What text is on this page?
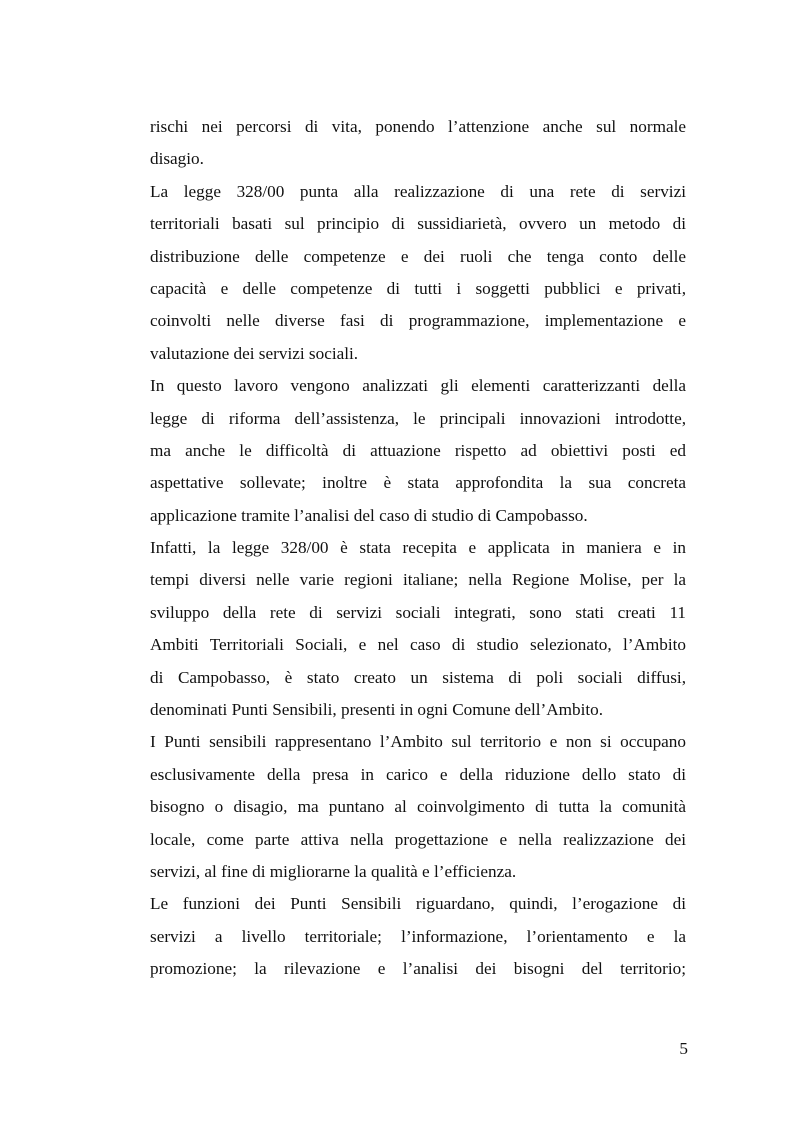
rischi nei percorsi di vita, ponendo l’attenzione anche sul normale
disagio.

La legge 328/00 punta alla realizzazione di una rete di servizi
territoriali basati sul principio di sussidiarietà, ovvero un metodo di
distribuzione delle competenze e dei ruoli che tenga conto delle
capacità e delle competenze di tutti i soggetti pubblici e privati,
coinvolti nelle diverse fasi di programmazione, implementazione e
valutazione dei servizi sociali.

In questo lavoro vengono analizzati gli elementi caratterizzanti della
legge di riforma dell’assistenza, le principali innovazioni introdotte,
ma anche le difficoltà di attuazione rispetto ad obiettivi posti ed
aspettative sollevate; inoltre è stata approfondita la sua concreta
applicazione tramite l’analisi del caso di studio di Campobasso.

Infatti, la legge 328/00 è stata recepita e applicata in maniera e in
tempi diversi nelle varie regioni italiane; nella Regione Molise, per la
sviluppo della rete di servizi sociali integrati, sono stati creati 11
Ambiti Territoriali Sociali, e nel caso di studio selezionato, l’Ambito
di Campobasso, è stato creato un sistema di poli sociali diffusi,
denominati Punti Sensibili, presenti in ogni Comune dell’Ambito.

I Punti sensibili rappresentano l’Ambito sul territorio e non si occupano
esclusivamente della presa in carico e della riduzione dello stato di
bisogno o disagio, ma puntano al coinvolgimento di tutta la comunità
locale, come parte attiva nella progettazione e nella realizzazione dei
servizi, al fine di migliorarne la qualità e l’efficienza.

Le funzioni dei Punti Sensibili riguardano, quindi, l’erogazione di
servizi a livello territoriale; l’informazione, l’orientamento e la
promozione; la rilevazione e l’analisi dei bisogni del territorio;

5
